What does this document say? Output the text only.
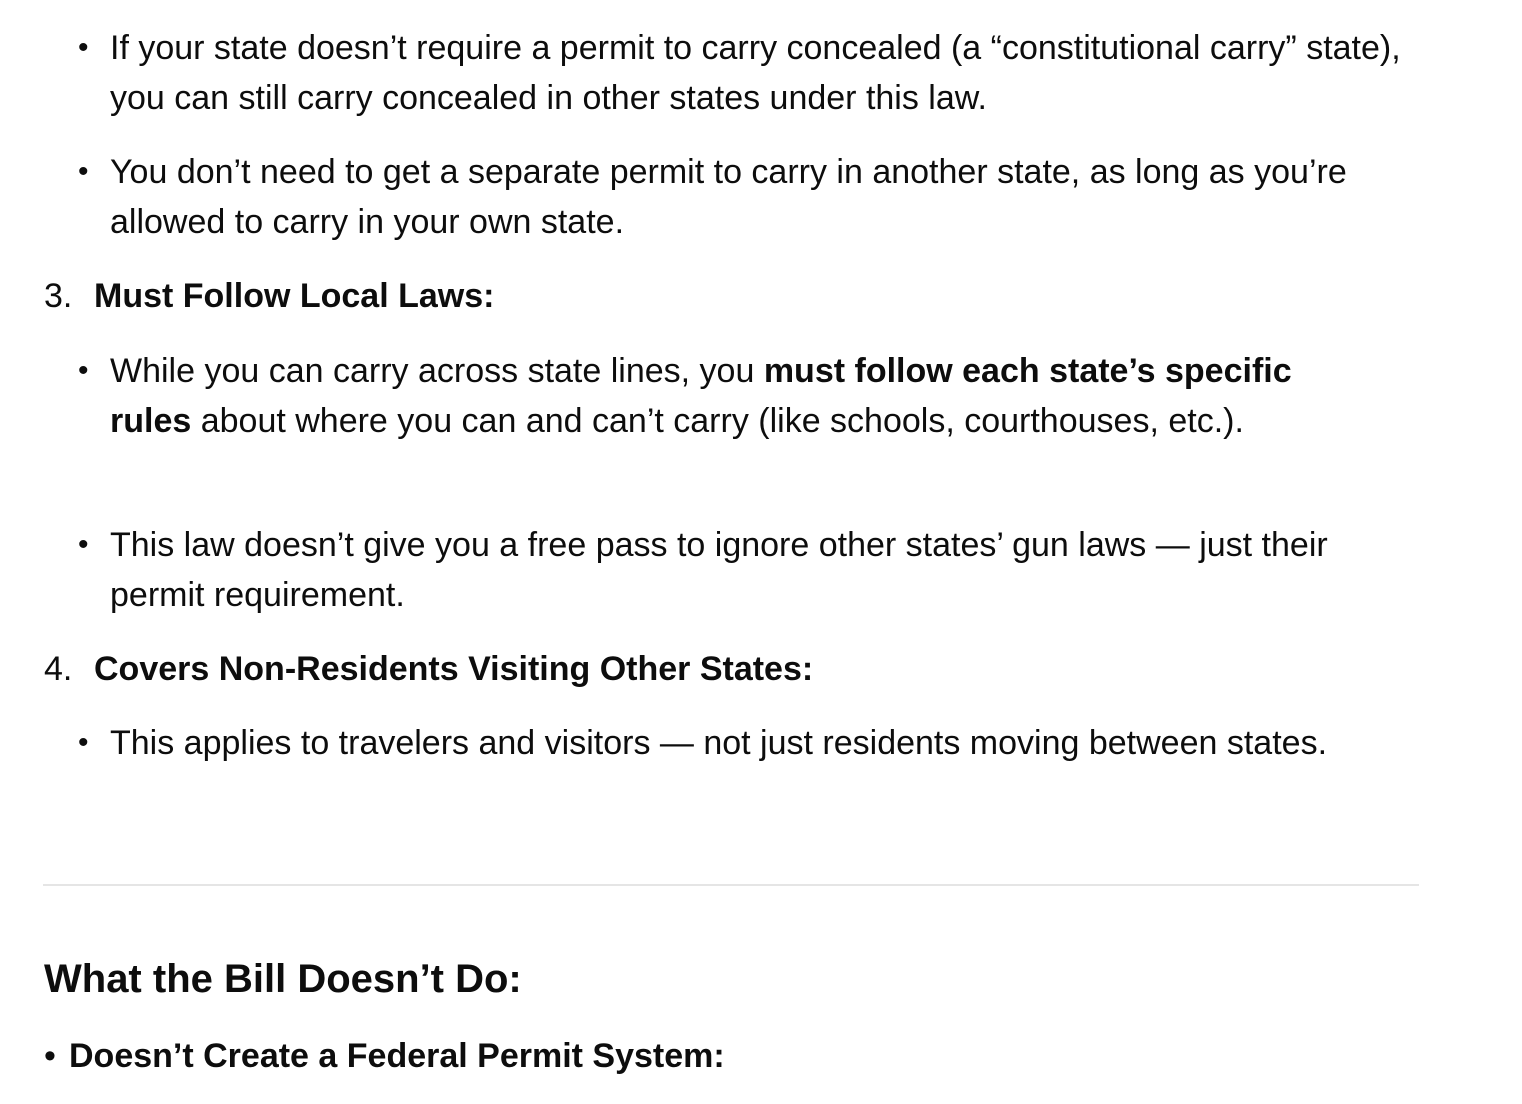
• If your state doesn’t require a permit to carry concealed (a “constitutional carry” state), you can still carry concealed in other states under this law.
• You don’t need to get a separate permit to carry in another state, as long as you’re allowed to carry in your own state.
3. Must Follow Local Laws:
• While you can carry across state lines, you must follow each state’s specific rules about where you can and can’t carry (like schools, courthouses, etc.).
• This law doesn’t give you a free pass to ignore other states’ gun laws — just their permit requirement.
4. Covers Non-Residents Visiting Other States:
• This applies to travelers and visitors — not just residents moving between states.
What the Bill Doesn’t Do:
• Doesn’t Create a Federal Permit System:
